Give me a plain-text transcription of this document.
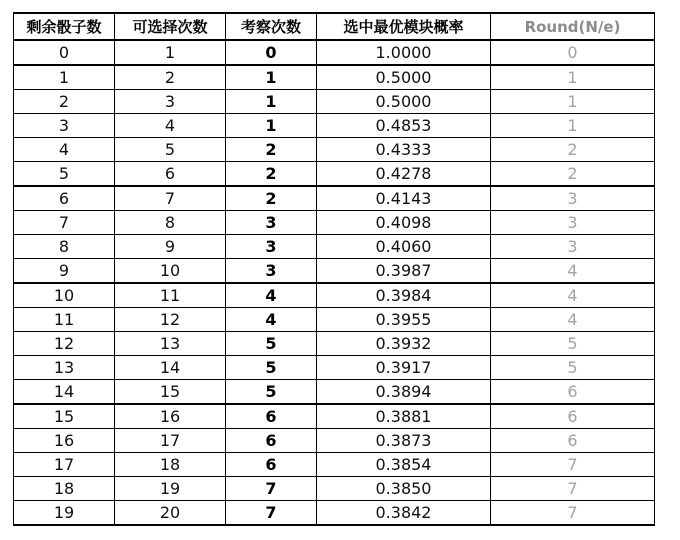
剩余骰子数	可选择次数	考察次数	选中最优模块概率	Round(N/e)
0	1	0	1.0000	0
1	2	1	0.5000	1
2	3	1	0.5000	1
3	4	1	0.4853	1
4	5	2	0.4333	2
5	6	2	0.4278	2
6	7	2	0.4143	3
7	8	3	0.4098	3
8	9	3	0.4060	3
9	10	3	0.3987	4
10	11	4	0.3984	4
11	12	4	0.3955	4
12	13	5	0.3932	5
13	14	5	0.3917	5
14	15	5	0.3894	6
15	16	6	0.3881	6
16	17	6	0.3873	6
17	18	6	0.3854	7
18	19	7	0.3850	7
19	20	7	0.3842	7
